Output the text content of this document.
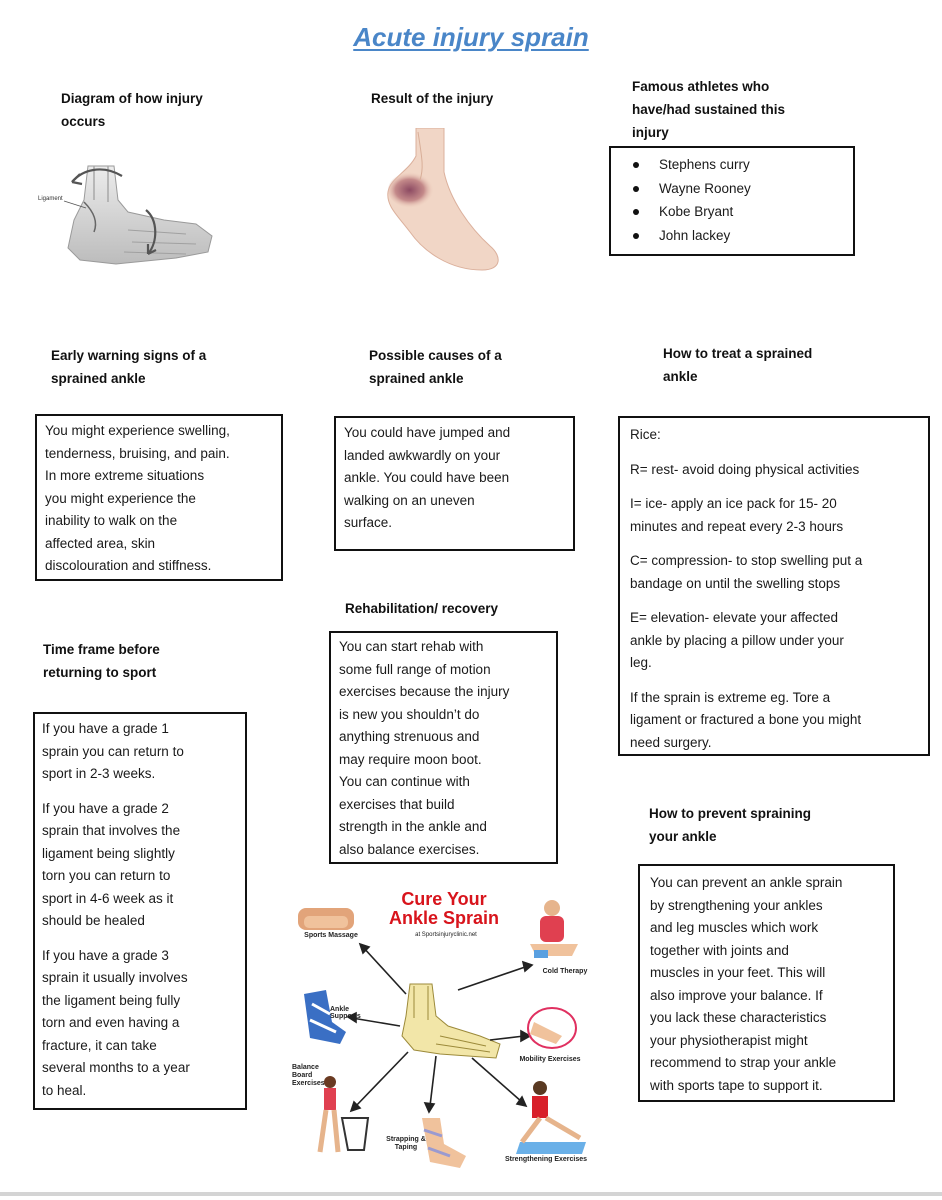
Acute injury sprain
Diagram of how injury
occurs
Ligament
Result of the injury
Famous athletes who
have/had sustained this
injury
Stephens curry
Wayne Rooney
Kobe Bryant
John lackey
Early warning signs of a
sprained ankle
You might experience swelling,
tenderness, bruising, and pain.
In more extreme situations
you might experience the
inability to walk on the
affected area, skin
discolouration and stiffness.
Possible causes of a
sprained ankle
You could have jumped and
landed awkwardly on your
ankle. You could have been
walking on an uneven
surface.
How to treat a sprained
ankle

Rice:

R= rest- avoid doing physical activities

I= ice- apply an ice pack for 15- 20
minutes and repeat every 2-3 hours

C= compression- to stop swelling put a
bandage on until the swelling stops

E= elevation- elevate your affected
ankle by placing a pillow under your
leg.

If the sprain is extreme eg. Tore a
ligament or fractured a bone you might
need surgery.

Rehabilitation/ recovery
You can start rehab with
some full range of motion
exercises because the injury
is new you shouldn’t do
anything strenuous and
may require moon boot.
You can continue with
exercises that build
strength in the ankle and
also balance exercises.
Time frame before
returning to sport

If you have a grade 1
sprain you can return to
sport in 2-3 weeks.

If you have a grade 2
sprain that involves the
ligament being slightly
torn you can return to
sport in 4-6 week as it
should be healed

If you have a grade 3
sprain it usually involves
the ligament being fully
torn and even having a
fracture, it can take
several months to a year
to heal.

How to prevent spraining
your ankle
You can prevent an ankle sprain
by strengthening your ankles
and leg muscles which work
together with joints and
muscles in your feet. This will
also improve your balance. If
you lack these characteristics
your physiotherapist might
recommend to strap your ankle
with sports tape to support it.
Cure Your
Ankle Sprain
at Sportsinjuryclinic.net
Sports Massage
Cold Therapy
Ankle Supports
Mobility Exercises
Balance Board Exercises
Strapping & Taping
Strengthening Exercises
